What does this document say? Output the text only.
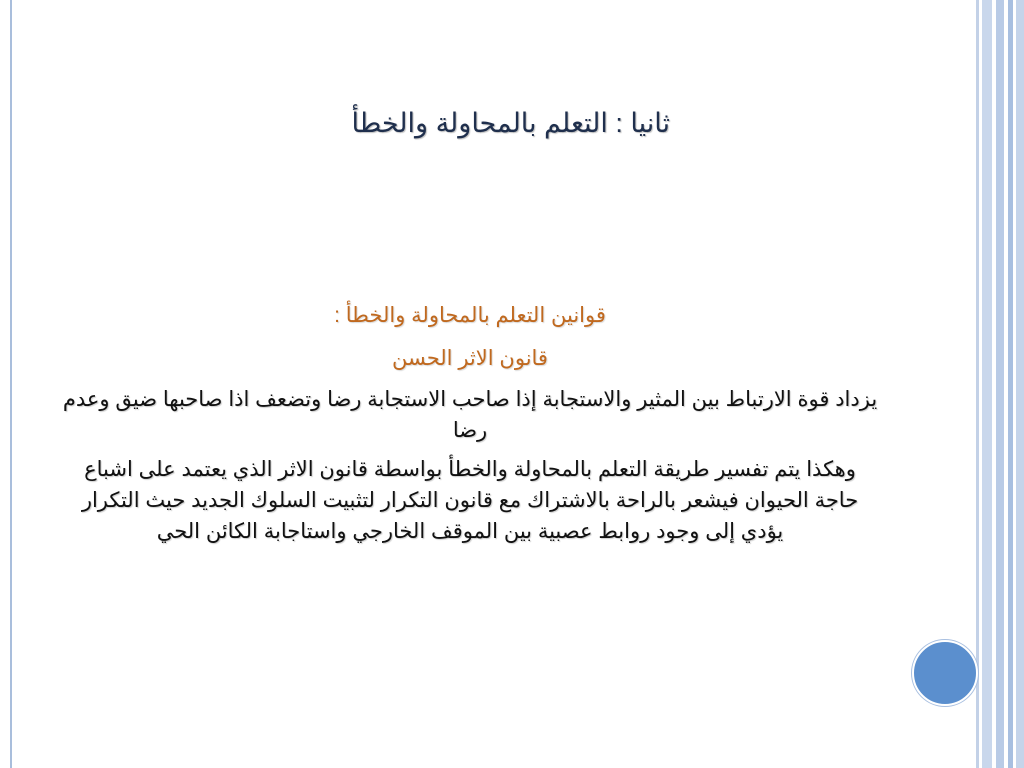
ثانيا : التعلم بالمحاولة والخطأ
قوانين التعلم بالمحاولة والخطأ :
قانون الاثر الحسن
يزداد قوة الارتباط بين المثير والاستجابة إذا صاحب الاستجابة رضا وتضعف اذا صاحبها ضيق وعدم رضا
وهكذا يتم تفسير طريقة التعلم بالمحاولة والخطأ بواسطة قانون الاثر الذي يعتمد على اشباع حاجة الحيوان فيشعر بالراحة بالاشتراك مع قانون التكرار لتثبيت السلوك الجديد حيث التكرار يؤدي إلى وجود روابط عصبية بين الموقف الخارجي واستاجابة الكائن الحي
